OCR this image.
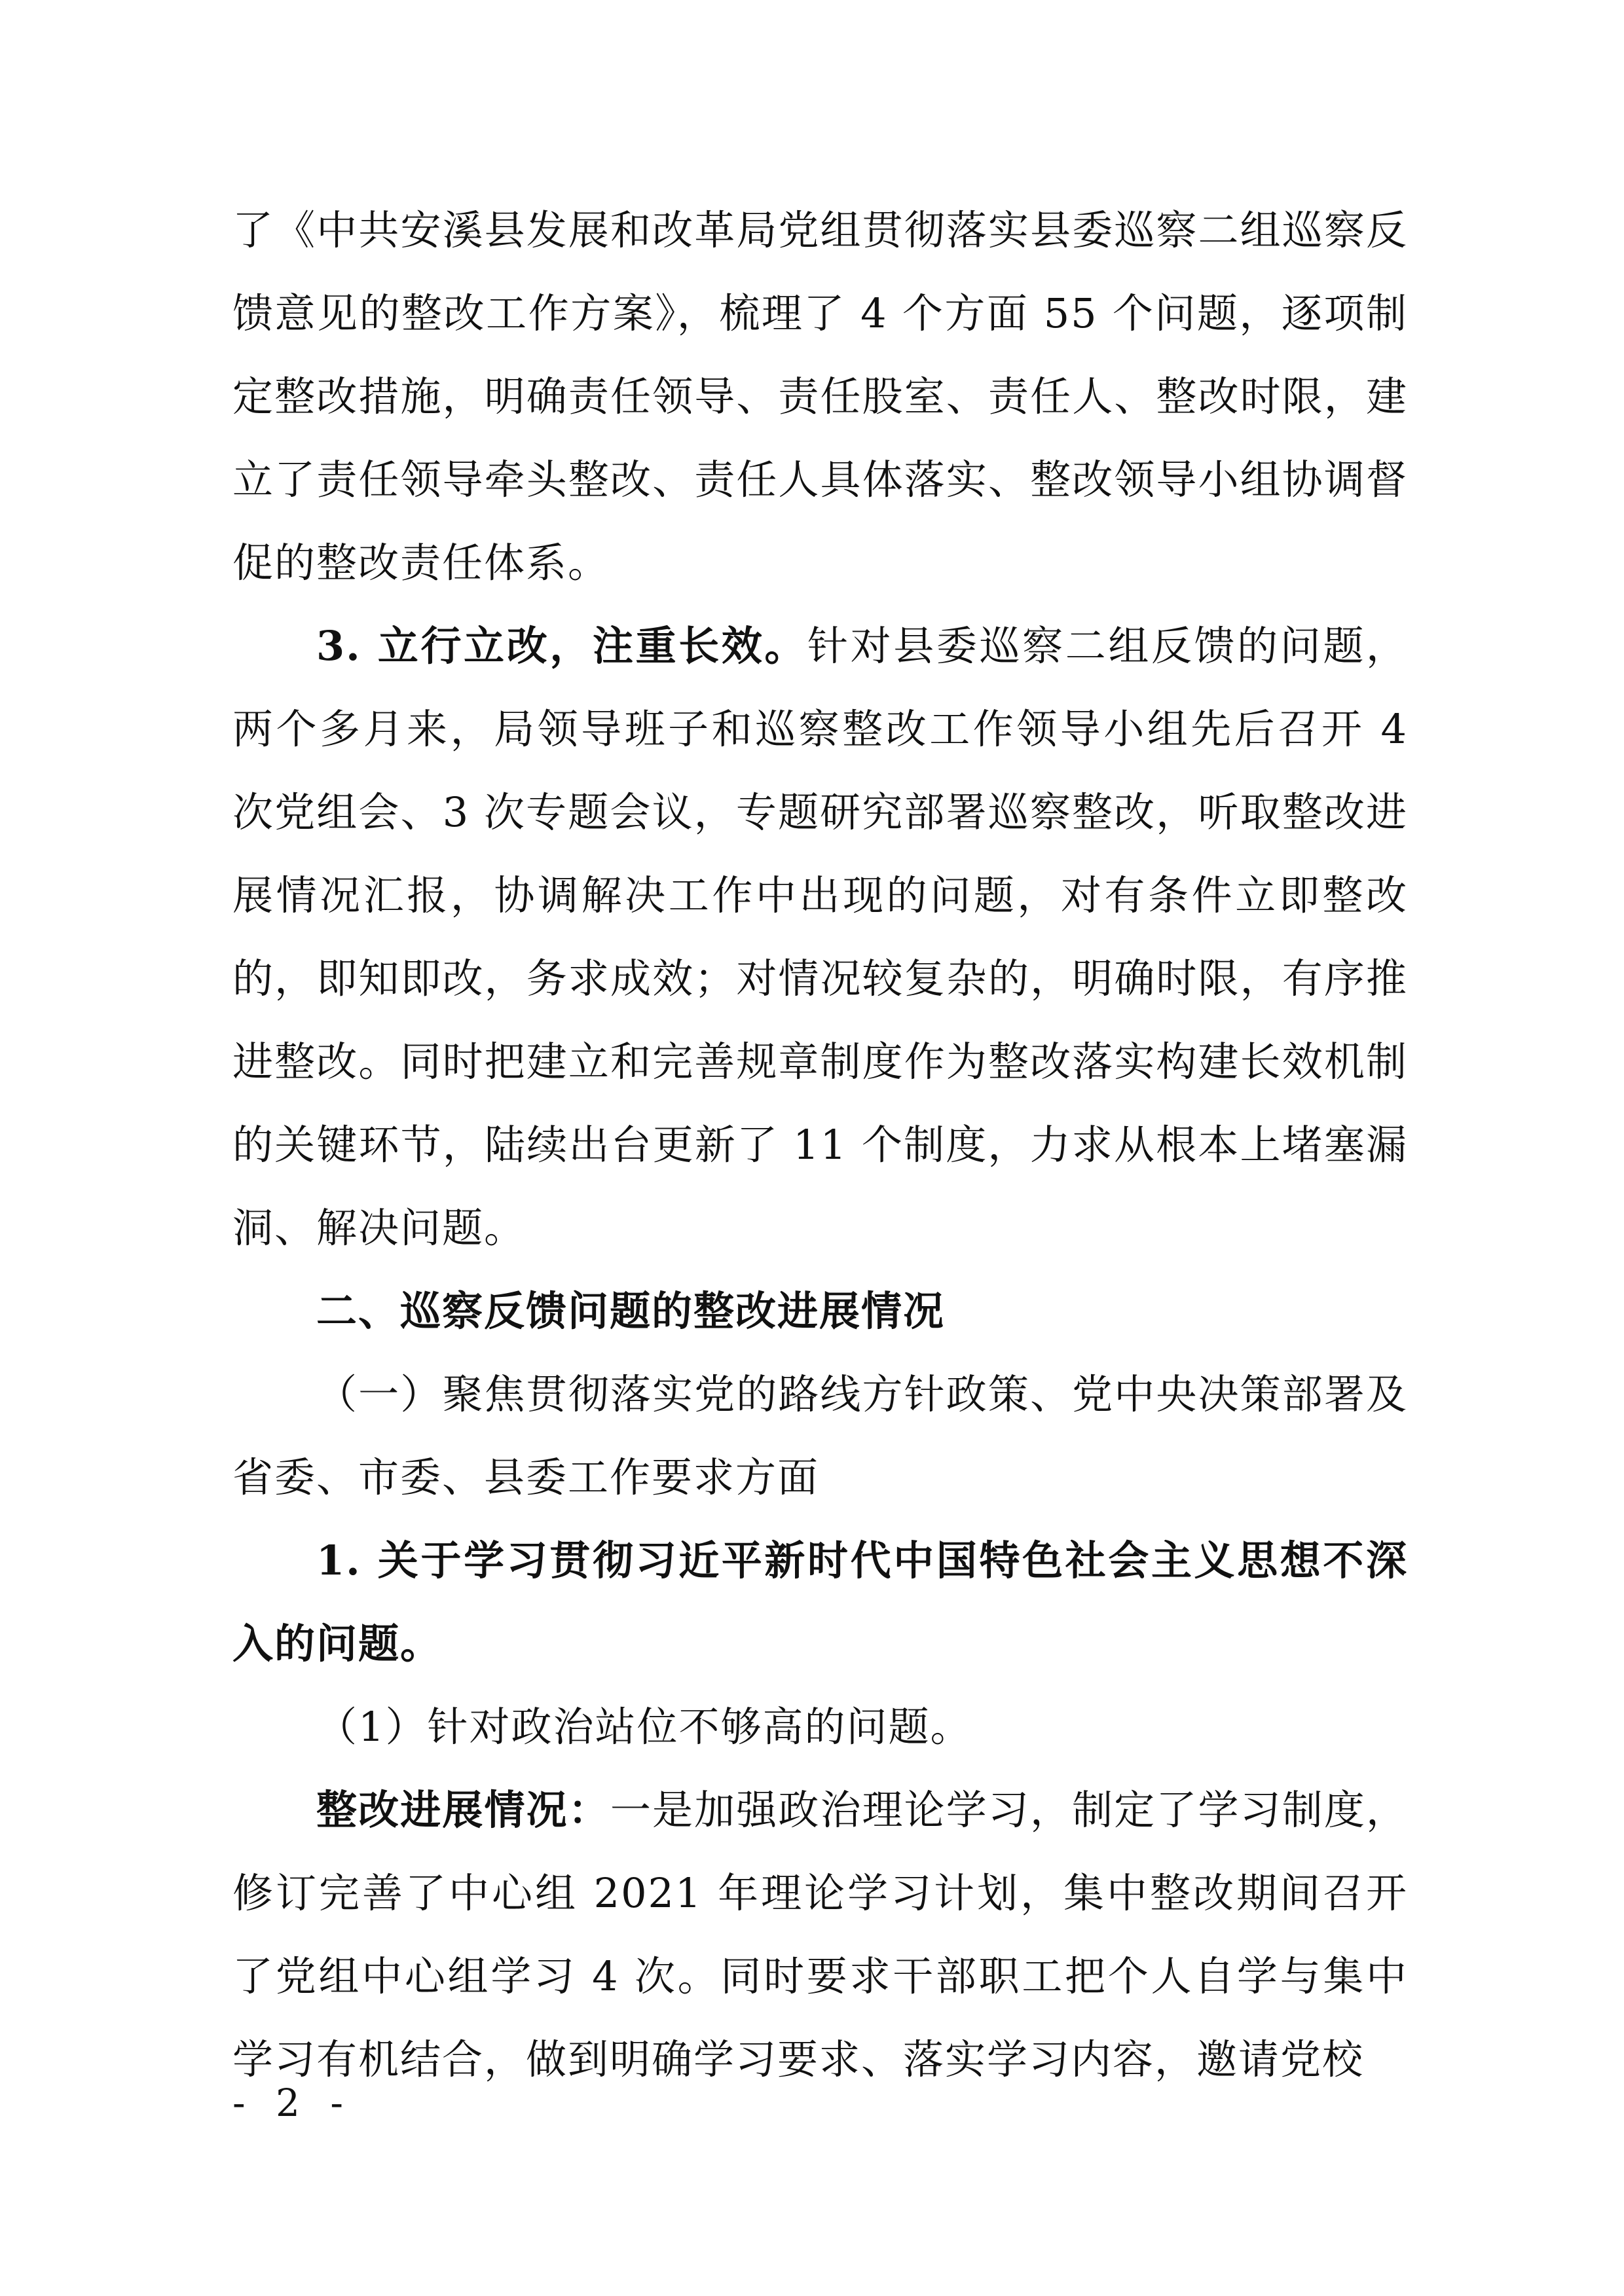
了《中共安溪县发展和改革局党组贯彻落实县委巡察二组巡察反馈意见的整改工作方案》，梳理了 4 个方面 55 个问题，逐项制定整改措施，明确责任领导、责任股室、责任人、整改时限，建立了责任领导牵头整改、责任人具体落实、整改领导小组协调督促的整改责任体系。

3. 立行立改，注重长效。针对县委巡察二组反馈的问题，两个多月来，局领导班子和巡察整改工作领导小组先后召开 4 次党组会、3 次专题会议，专题研究部署巡察整改，听取整改进展情况汇报，协调解决工作中出现的问题，对有条件立即整改的，即知即改，务求成效；对情况较复杂的，明确时限，有序推进整改。同时把建立和完善规章制度作为整改落实构建长效机制的关键环节，陆续出台更新了 11 个制度，力求从根本上堵塞漏洞、解决问题。

二、巡察反馈问题的整改进展情况

（一）聚焦贯彻落实党的路线方针政策、党中央决策部署及省委、市委、县委工作要求方面

1. 关于学习贯彻习近平新时代中国特色社会主义思想不深入的问题。

（1）针对政治站位不够高的问题。

整改进展情况：一是加强政治理论学习，制定了学习制度，修订完善了中心组 2021 年理论学习计划，集中整改期间召开了党组中心组学习 4 次。同时要求干部职工把个人自学与集中学习有机结合，做到明确学习要求、落实学习内容，邀请党校

- 2 -
